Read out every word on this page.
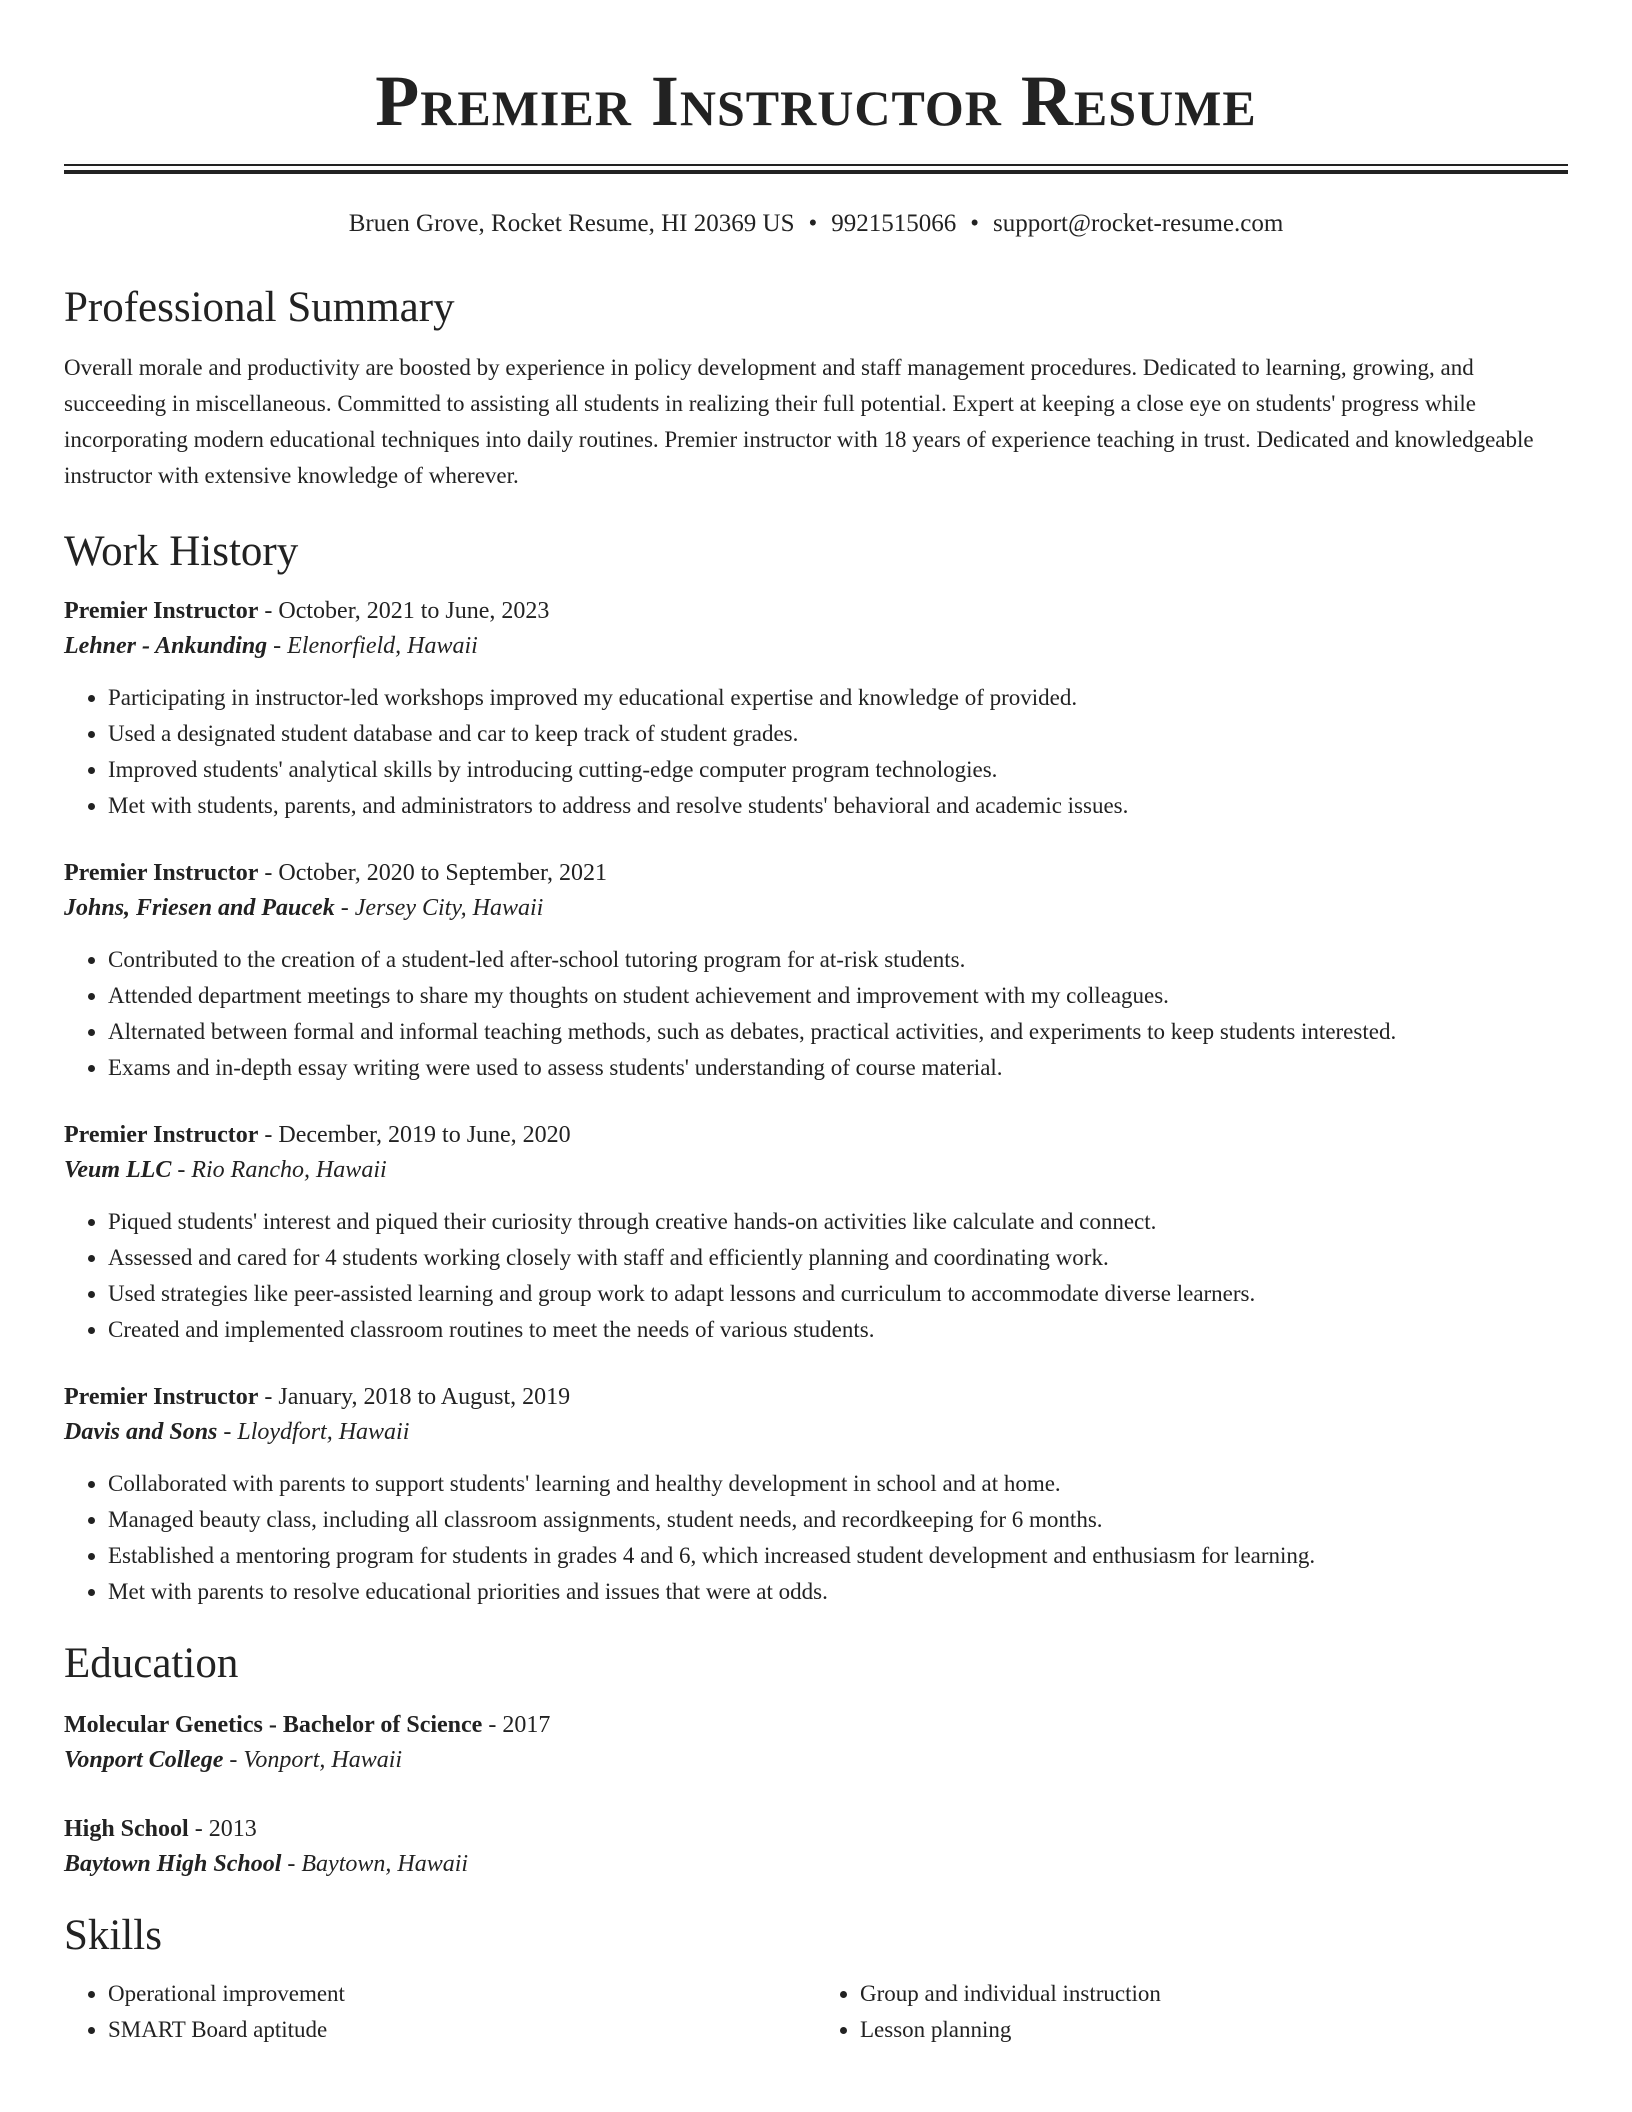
Premier Instructor Resume
Bruen Grove, Rocket Resume, HI 20369 US • 9921515066 • support@rocket-resume.com
Professional Summary

Overall morale and productivity are boosted by experience in policy development and staff management procedures. Dedicated to learning, growing, and succeeding in miscellaneous. Committed to assisting all students in realizing their full potential. Expert at keeping a close eye on students' progress while incorporating modern educational techniques into daily routines. Premier instructor with 18 years of experience teaching in trust. Dedicated and knowledgeable instructor with extensive knowledge of wherever.

Work History
Premier Instructor - October, 2021 to June, 2023
Lehner - Ankunding - Elenorfield, Hawaii
• Participating in instructor-led workshops improved my educational expertise and knowledge of provided.
• Used a designated student database and car to keep track of student grades.
• Improved students' analytical skills by introducing cutting-edge computer program technologies.
• Met with students, parents, and administrators to address and resolve students' behavioral and academic issues.
Premier Instructor - October, 2020 to September, 2021
Johns, Friesen and Paucek - Jersey City, Hawaii
• Contributed to the creation of a student-led after-school tutoring program for at-risk students.
• Attended department meetings to share my thoughts on student achievement and improvement with my colleagues.
• Alternated between formal and informal teaching methods, such as debates, practical activities, and experiments to keep students interested.
• Exams and in-depth essay writing were used to assess students' understanding of course material.
Premier Instructor - December, 2019 to June, 2020
Veum LLC - Rio Rancho, Hawaii
• Piqued students' interest and piqued their curiosity through creative hands-on activities like calculate and connect.
• Assessed and cared for 4 students working closely with staff and efficiently planning and coordinating work.
• Used strategies like peer-assisted learning and group work to adapt lessons and curriculum to accommodate diverse learners.
• Created and implemented classroom routines to meet the needs of various students.
Premier Instructor - January, 2018 to August, 2019
Davis and Sons - Lloydfort, Hawaii
• Collaborated with parents to support students' learning and healthy development in school and at home.
• Managed beauty class, including all classroom assignments, student needs, and recordkeeping for 6 months.
• Established a mentoring program for students in grades 4 and 6, which increased student development and enthusiasm for learning.
• Met with parents to resolve educational priorities and issues that were at odds.
Education
Molecular Genetics - Bachelor of Science - 2017
Vonport College - Vonport, Hawaii
High School - 2013
Baytown High School - Baytown, Hawaii
Skills
• Operational improvement
• SMART Board aptitude
• Group and individual instruction
• Lesson planning
